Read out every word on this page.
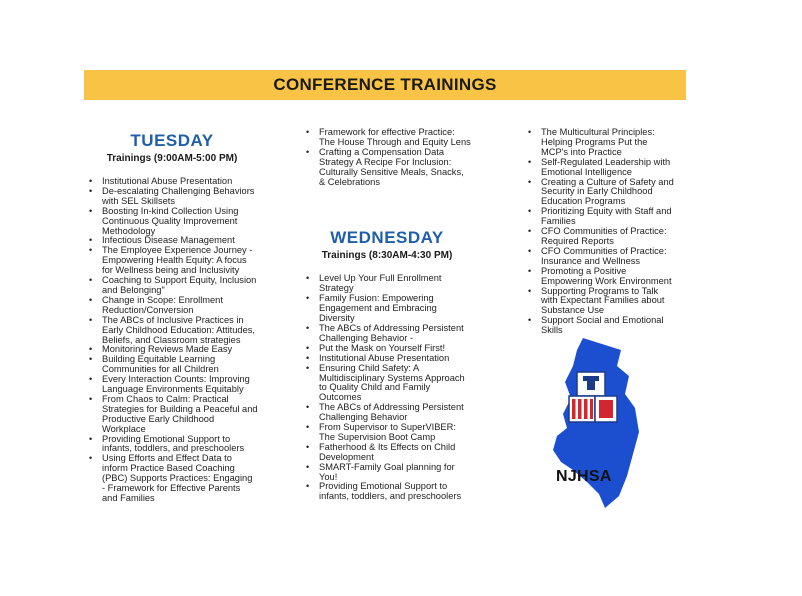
CONFERENCE TRAININGS
TUESDAY
Trainings (9:00AM-5:00 PM)
• Institutional Abuse Presentation
• De-escalating Challenging Behaviors with SEL Skillsets
• Boosting In-kind Collection Using Continuous Quality Improvement Methodology
• Infectious Disease Management
• The Employee Experience Journey - Empowering Health Equity: A focus for Wellness being and Inclusivity
• Coaching to Support Equity, Inclusion and Belonging"
• Change in Scope: Enrollment Reduction/Conversion
• The ABCs of Inclusive Practices in Early Childhood Education: Attitudes, Beliefs, and Classroom strategies
• Monitoring Reviews Made Easy
• Building Equitable Learning Communities for all Children
• Every Interaction Counts: Improving Language Environments Equitably
• From Chaos to Calm: Practical Strategies for Building a Peaceful and Productive Early Childhood Workplace
• Providing Emotional Support to infants, toddlers, and preschoolers
• Using Efforts and Effect Data to inform Practice Based Coaching (PBC) Supports Practices: Engaging - Framework for Effective Parents and Families
• Framework for effective Practice: The House Through and Equity Lens
• Crafting a Compensation Data Strategy A Recipe For Inclusion: Culturally Sensitive Meals, Snacks, & Celebrations
WEDNESDAY
Trainings (8:30AM-4:30 PM)
• Level Up Your Full Enrollment Strategy
• Family Fusion: Empowering Engagement and Embracing Diversity
• The ABCs of Addressing Persistent Challenging Behavior -
• Put the Mask on Yourself First!
• Institutional Abuse Presentation
• Ensuring Child Safety: A Multidisciplinary Systems Approach to Quality Child and Family Outcomes
• The ABCs of Addressing Persistent Challenging Behavior
• From Supervisor to SuperVIBER: The Supervision Boot Camp
• Fatherhood & Its Effects on Child Development
• SMART-Family Goal planning for You!
• Providing Emotional Support to infants, toddlers, and preschoolers
• The Multicultural Principles: Helping Programs Put the MCP's into Practice
• Self-Regulated Leadership with Emotional Intelligence
• Creating a Culture of Safety and Security in Early Childhood Education Programs
• Prioritizing Equity with Staff and Families
• CFO Communities of Practice: Required Reports
• CFO Communities of Practice: Insurance and Wellness
• Promoting a Positive Empowering Work Environment
• Supporting Programs to Talk with Expectant Families about Substance Use
• Support Social and Emotional Skills
NJHSA
